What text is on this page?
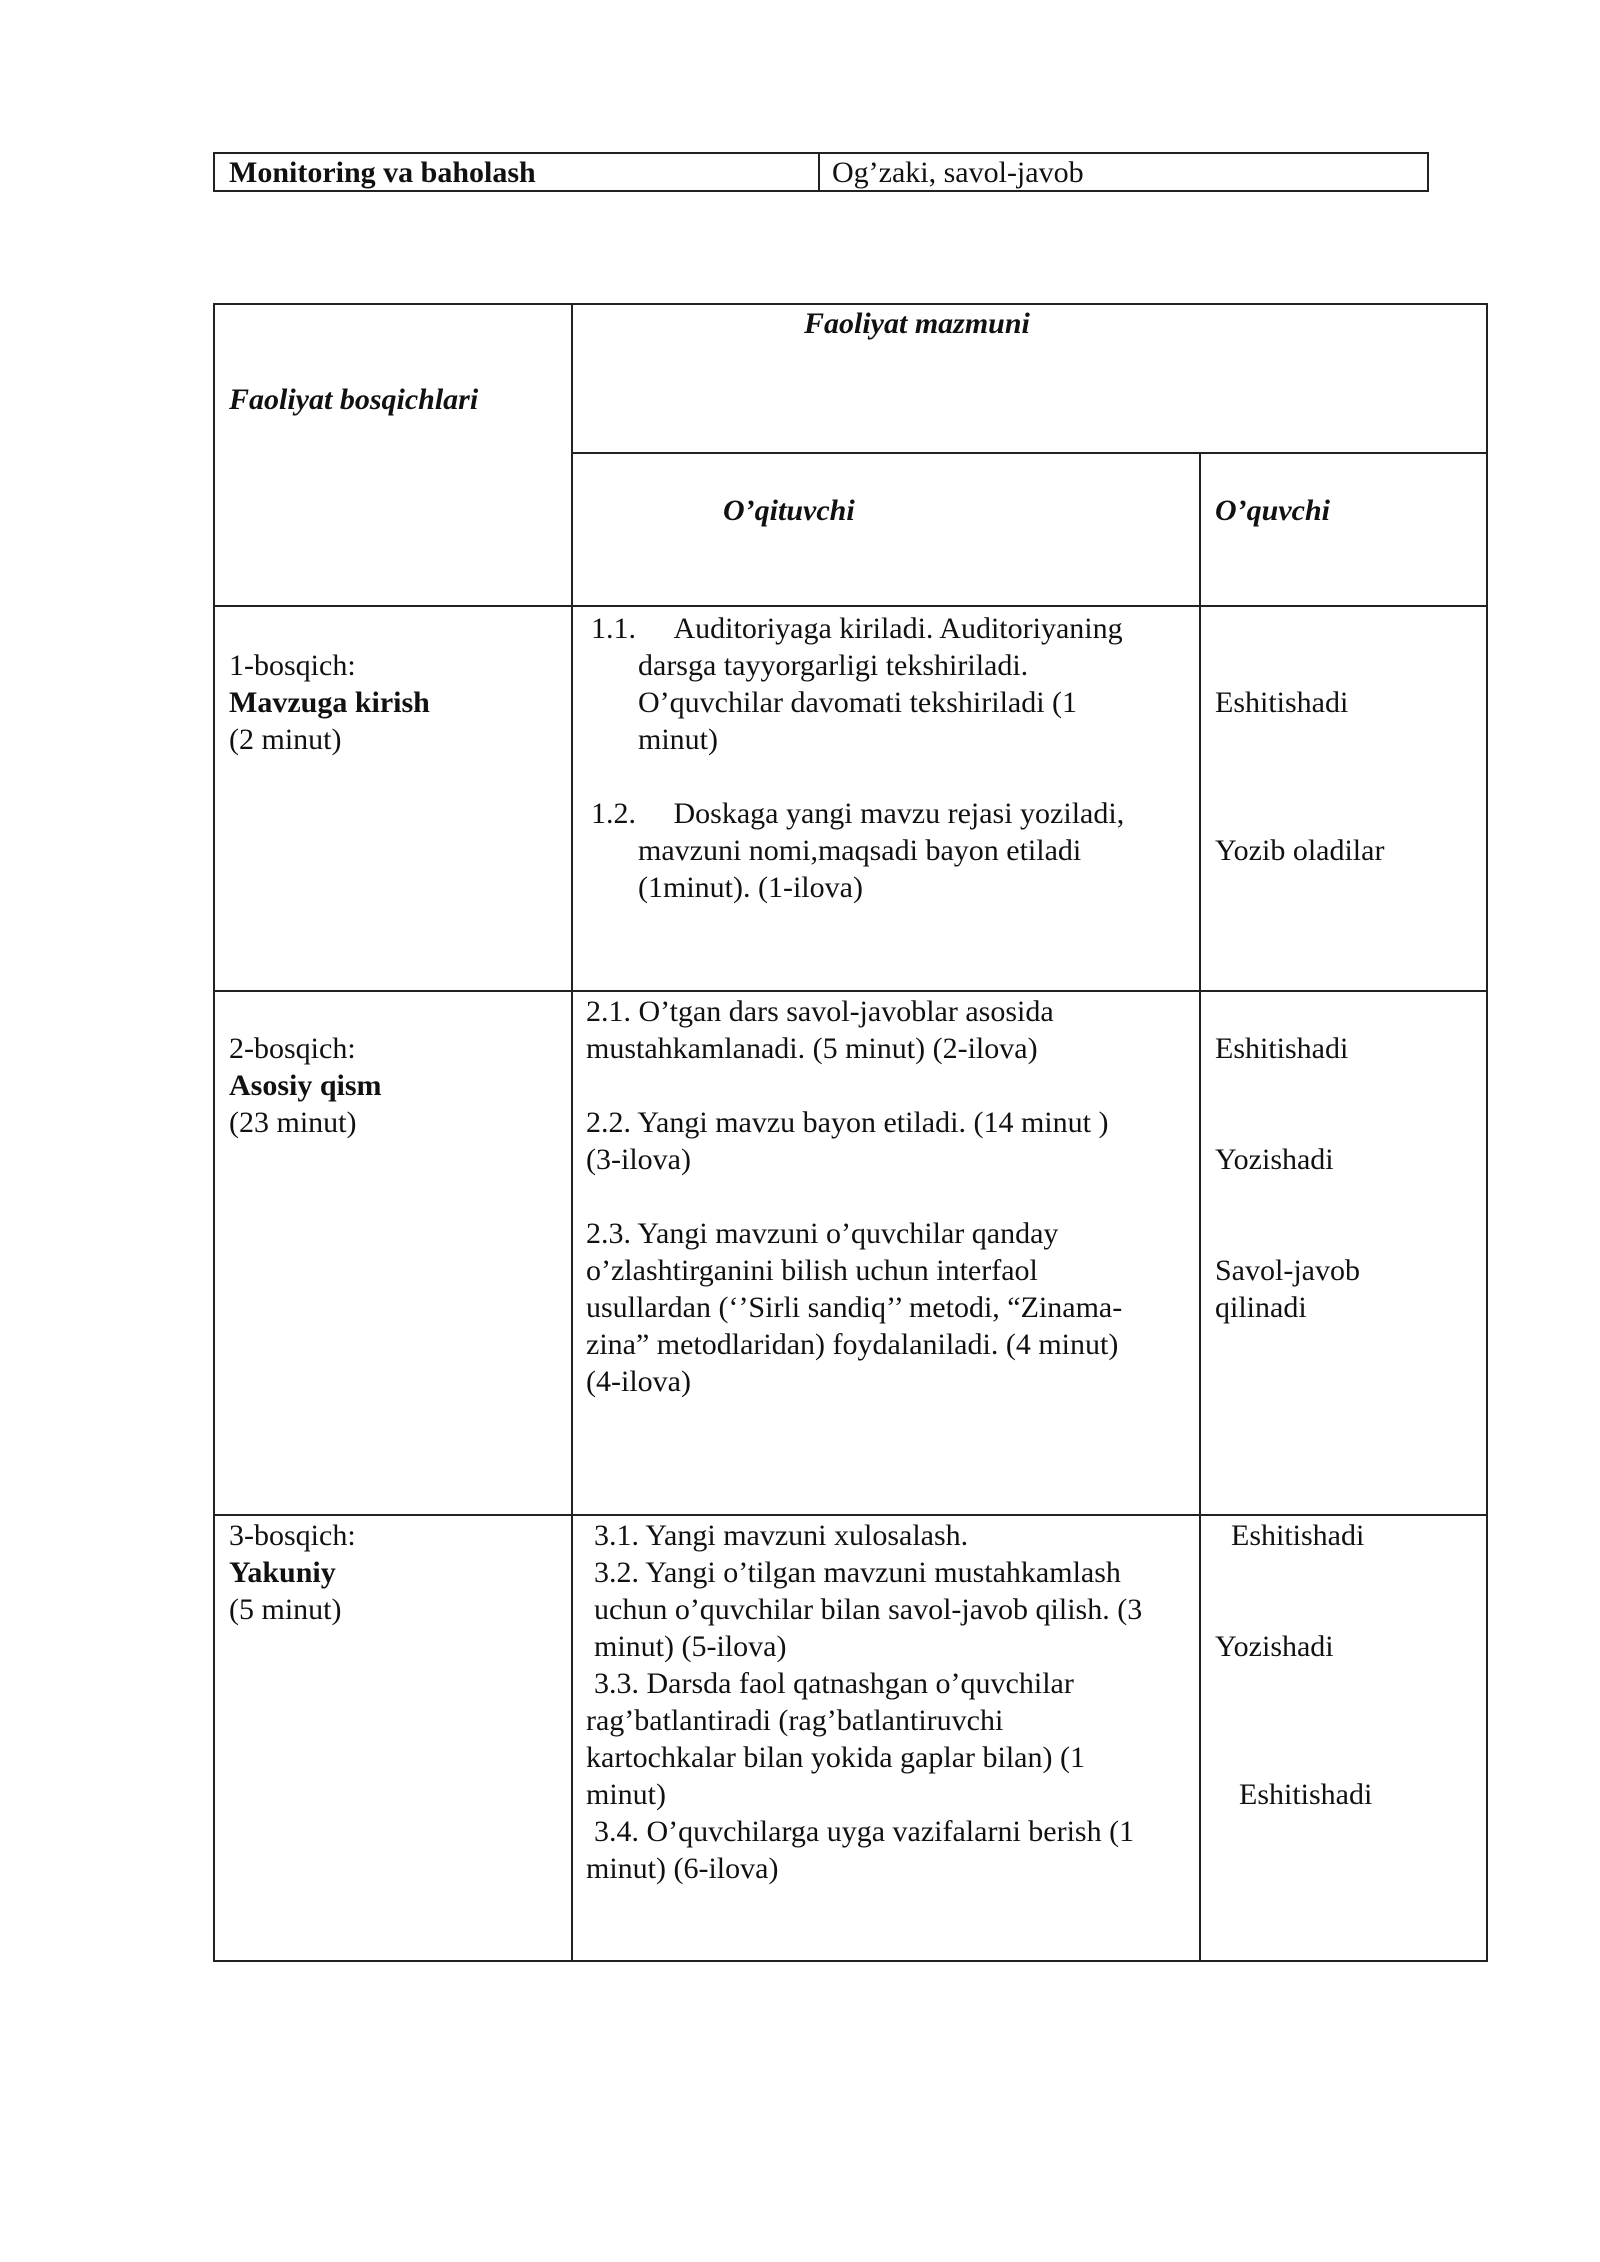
Monitoring va baholash	Og’zaki, savol-javob
Faoliyat bosqichlari
Faoliyat mazmuni
O’qituvchi	O’quvchi
1-bosqich:
Mavzuga kirish
(2 minut)
1.1.     Auditoriyaga kiriladi. Auditoriyaning
darsga tayyorgarligi tekshiriladi.
O’quvchilar davomati tekshiriladi (1
minut)
1.2.     Doskaga yangi mavzu rejasi yoziladi,
mavzuni nomi,maqsadi bayon etiladi
(1minut). (1-ilova)
Eshitishadi
Yozib oladilar
2-bosqich:
Asosiy qism
(23 minut)
2.1. O’tgan dars savol-javoblar asosida
mustahkamlanadi. (5 minut) (2-ilova)
2.2. Yangi mavzu bayon etiladi. (14 minut )
(3-ilova)
2.3. Yangi mavzuni o’quvchilar qanday
o’zlashtirganini bilish uchun interfaol
usullardan (‘’Sirli sandiq’’ metodi, “Zinama-
zina” metodlaridan) foydalaniladi. (4 minut)
(4-ilova)
Eshitishadi
Yozishadi
Savol-javob
qilinadi
3-bosqich:
Yakuniy
(5 minut)
3.1. Yangi mavzuni xulosalash.
3.2. Yangi o’tilgan mavzuni mustahkamlash
uchun o’quvchilar bilan savol-javob qilish. (3
minut) (5-ilova)
3.3. Darsda faol qatnashgan o’quvchilar
rag’batlantiradi (rag’batlantiruvchi
kartochkalar bilan yokida gaplar bilan) (1
minut)
3.4. O’quvchilarga uyga vazifalarni berish (1
minut) (6-ilova)
Eshitishadi
Yozishadi
Eshitishadi
